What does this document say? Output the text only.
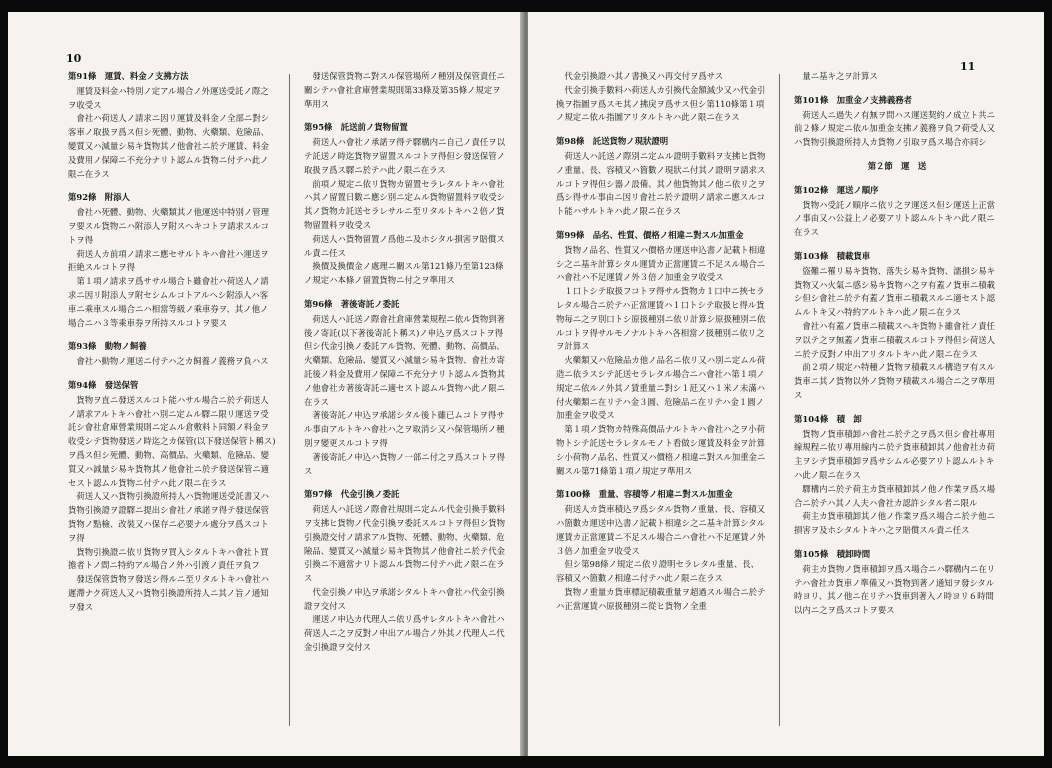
10
第91條　運賃、料金ノ支拂方法

運賃及料金ハ特別ノ定アル場合ノ外運送受託ノ際之ヲ收受ス

會社ハ荷送人ノ請求ニ因リ運賃及料金ノ全部ニ對シ客車ノ取扱ヲ爲ス但シ死體、動物、火藥類、危險品、變質又ハ減量シ易キ貨物其ノ他會社ニ於テ運賃、料金及費用ノ保障ニ不充分ナリト認ムル貨物ニ付テハ此ノ限ニ在ラス

第92條　附添人

會社ハ死體、動物、火藥類其ノ他運送中特別ノ管理ヲ要スル貨物ニハ附添人ヲ附スヘキコトヲ請求スルコトヲ得

荷送人カ前項ノ請求ニ應セサルトキハ會社ハ運送ヲ拒絶スルコトヲ得

第１項ノ請求ヲ爲ササル場合ト雖會社ハ荷送人ノ請求ニ因リ附添人ヲ附セシムルコトアルヘシ附添人ハ客車ニ乘車スル場合ニハ相當等級ノ乘車券ヲ、其ノ他ノ場合ニハ３等乘車券ヲ所持スルコトヲ要ス

第93條　動物ノ飼養

會社ハ動物ノ運送ニ付テハ之カ飼養ノ義務ヲ負ハス

第94條　發送保管

貨物ヲ直ニ發送スルコト能ハサル場合ニ於テ荷送人ノ請求アルトキハ會社ハ別ニ定ムル驛ニ限リ運送ヲ受託シ會社倉庫營業規則ニ定ムル倉敷料ト同額ノ料金ヲ收受シテ貨物發送ノ時迄之カ保管(以下發送保管ト稱ス)ヲ爲ス但シ死體、動物、高價品、火藥類、危險品、變質又ハ減量シ易キ貨物其ノ他會社ニ於テ發送保管ニ適セスト認ムル貨物ニ付テハ此ノ限ニ在ラス

荷送人又ハ貨物引換證所持人ハ貨物運送受託書又ハ貨物引換證ヲ證驛ニ提出シ會社ノ承諾ヲ得テ發送保管貨物ノ點檢、改裝又ハ保存ニ必要ナル處分ヲ爲スコトヲ得

貨物引換證ニ依リ貨物ヲ買入シタルトキハ會社ト買擔者トノ間ニ特約アル場合ノ外ハ引渡ノ責任ヲ負フ

發送保管貨物ヲ發送シ得ルニ至リタルトキハ會社ハ遲滯ナク荷送人又ハ貨物引換證所持人ニ其ノ旨ノ通知ヲ發ス

發送保管貨物ニ對スル保管場所ノ種別及保管責任ニ關シテハ會社倉庫營業規則第33條及第35條ノ規定ヲ準用ス

第95條　託送前ノ貨物留置

荷送人ハ會社ノ承諾ヲ得テ驛構内ニ自己ノ責任ヲ以テ託送ノ時迄貨物ヲ留置スルコトヲ得但シ發送保管ノ取扱ヲ爲ス驛ニ於テハ此ノ限ニ在ラス

前項ノ規定ニ依リ貨物カ留置セラレタルトキハ會社ハ其ノ留置日數ニ應シ別ニ定ムル貨物留置料ヲ收受シ其ノ貨物カ託送セラレサルニ至リタルトキハ２倍ノ貨物留置料ヲ收受ス

荷送人ハ貨物留置ノ爲他ニ及ホシタル損害ヲ賠償スル責ニ任ス

換價及換價金ノ處理ニ關スル第121條乃至第123條ノ規定ハ本條ノ留置貨物ニ付之ヲ準用ス

第96條　著後寄託ノ委託

荷送人ハ託送ノ際會社倉庫營業規程ニ依ル貨物到著後ノ寄託(以下著後寄託ト稱ス)ノ申込ヲ爲スコトヲ得但シ代金引換ノ委託アル貨物、死體、動物、高價品、火藥類、危險品、變質又ハ減量シ易キ貨物、會社カ寄託後ノ料金及費用ノ保障ニ不充分ナリト認ムル貨物其ノ他會社カ著後寄託ニ適セスト認ムル貨物ハ此ノ限ニ在ラス

著後寄託ノ申込ヲ承諾シタル後ト雖已ムコトヲ得サル事由アルトキハ會社ハ之ヲ取消シ又ハ保管場所ノ種別ヲ變更スルコトヲ得

著後寄託ノ申込ハ貨物ノ一部ニ付之ヲ爲スコトヲ得ス

第97條　代金引換ノ委託

荷送人ハ託送ノ際會社規則ニ定ムル代金引換手數料ヲ支拂ヒ貨物ノ代金引換ヲ委託スルコトヲ得但シ貨物引換證交付ノ請求アル貨物、死體、動物、火藥類、危險品、變質又ハ減量シ易キ貨物其ノ他會社ニ於テ代金引換ニ不適當ナリト認ムル貨物ニ付テハ此ノ限ニ在ラス

代金引換ノ申込ヲ承諾シタルトキハ會社ハ代金引換證ヲ交付ス

運送ノ申込カ代理人ニ依リ爲サレタルトキハ會社ハ荷送人ニ之ヲ反對ノ申出アル場合ノ外其ノ代理人ニ代金引換證ヲ交付ス

11

代金引換證ハ其ノ書換又ハ再交付ヲ爲サス

代金引換手數料ハ荷送人カ引換代金額減少又ハ代金引換ヲ指圖ヲ爲スモ其ノ拂戾ヲ爲サス但シ第110條第１項ノ規定ニ依ル指圖アリタルトキハ此ノ限ニ在ラス

第98條　託送貨物ノ現狀證明

荷送人ハ託送ノ際別ニ定ムル證明手數料ヲ支拂ヒ貨物ノ重量、長、容積又ハ箇數ノ現狀ニ付其ノ證明ヲ請求スルコトヲ得但シ器ノ設備、其ノ他貨物其ノ他ニ依リ之ヲ爲シ得サル事由ニ因リ會社ニ於テ證明ノ請求ニ應スルコト能ハサルトキハ此ノ限ニ在ラス

第99條　品名、性質、價格ノ相違ニ對スル加重金

貨物ノ品名、性質又ハ價格カ運送申込書ノ記載ト相違シ之ニ基キ計算シタル運賃カ正當運賃ニ不足スル場合ニハ會社ハ不足運賃ノ外３倍ノ加重金ヲ收受ス

１口トシテ取扱フコトヲ得サル貨物カ１口中ニ挾セラレタル場合ニ於テハ正當運賃ハ１口トシテ取扱ヒ得ル貨物毎ニ之ヲ別口トシ原扱種別ニ依リ計算シ原扱種別ニ依ルコトヲ得サルモノナルトキハ各相當ノ扱種別ニ依リ之ヲ計算ス

火藥類又ハ危險品カ他ノ品名ニ依リ又ハ別ニ定ムル荷造ニ依ラスシテ託送セラレタル場合ニハ會社ハ第１項ノ規定ニ依ルノ外其ノ賃重量ニ對シ１瓩又ハ１米ノ未滿ハ付火藥類ニ在リテハ金３圓、危險品ニ在リテハ金１圓ノ加重金ヲ收受ス

第１項ノ貨物カ特殊高價品ナルトキハ會社ハ之ヲ小荷物トシテ託送セラレタルモノト看做シ運賃及料金ヲ計算シ小荷物ノ品名、性質又ハ價格ノ相違ニ對スル加重金ニ關スル第71條第１項ノ規定ヲ準用ス

第100條　重量、容積等ノ相違ニ對スル加重金

荷送人カ貨車積込ヲ爲シタル貨物ノ重量、長、容積又ハ箇數カ運送申込書ノ記載ト相違シ之ニ基キ計算シタル運賃カ正當運賃ニ不足スル場合ニハ會社ハ不足運賃ノ外３倍ノ加重金ヲ收受ス

但シ第98條ノ規定ニ依リ證明セラレタル重量、長、容積又ハ箇數ノ相違ニ付テハ此ノ限ニ在ラス

貨物ノ重量カ貨車標記積載重量ヲ超過スル場合ニ於テハ正當運賃ハ原扱種別ニ從ヒ貨物ノ全重

量ニ基キ之ヲ計算ス

第101條　加重金ノ支拂義務者

荷送人ニ過失ノ有無ヲ問ハス運送契約ノ成立ト共ニ前２條ノ規定ニ依ル加重金支拂ノ義務ヲ負フ荷受人又ハ貨物引換證所持人カ貨物ノ引取ヲ爲ス場合亦同シ

第２節　運　送
第102條　運送ノ順序

貨物ハ受託ノ順序ニ依リ之ヲ運送ス但シ運送上正當ノ事由又ハ公益上ノ必要アリト認ムルトキハ此ノ限ニ在ラス

第103條　積載貨車

盜難ニ罹リ易キ貨物、落失シ易キ貨物、濡損シ易キ貨物又ハ火氣ニ感シ易キ貨物ハ之ヲ有蓋ノ貨車ニ積載シ但シ會社ニ於テ有蓋ノ貨車ニ積載スルニ適セスト認ムルトキ又ハ特約アルトキハ此ノ限ニ在ラス

會社ハ有蓋ノ貨車ニ積載スヘキ貨物ト雖會社ノ責任ヲ以テ之ヲ無蓋ノ貨車ニ積載スルコトヲ得但シ荷送人ニ於テ反對ノ申出アリタルトキハ此ノ限ニ在ラス

前２項ノ規定ハ特種ノ貨物ヲ積載スル構造ヲ有スル貨車ニ其ノ貨物以外ノ貨物ヲ積載スル場合ニ之ヲ準用ス

第104條　積　卸

貨物ノ貨車積卸ハ會社ニ於テ之ヲ爲ス但シ會社專用線規程ニ依リ專用線内ニ於テ貨車積卸其ノ他會社カ荷主ヲシテ貨車積卸ヲ爲サシムル必要アリト認ムルトキハ此ノ限ニ在ラス

驛構内ニ於テ荷主カ貨車積卸其ノ他ノ作業ヲ爲ス場合ニ於テハ其ノ人夫ハ會社カ認許シタル者ニ限ル

荷主カ貨車積卸其ノ他ノ作業ヲ爲ス場合ニ於テ他ニ損害ヲ及ホシタルトキハ之ヲ賠償スル責ニ任ス

第105條　積卸時間

荷主カ貨物ノ貨車積卸ヲ爲ス場合ニハ驛構内ニ在リテハ會社カ貨車ノ準備又ハ貨物到著ノ通知ヲ發シタル時ヨリ、其ノ他ニ在リテハ貨車到著入ノ時ヨリ６時間以内ニ之ヲ爲スコトヲ要ス
